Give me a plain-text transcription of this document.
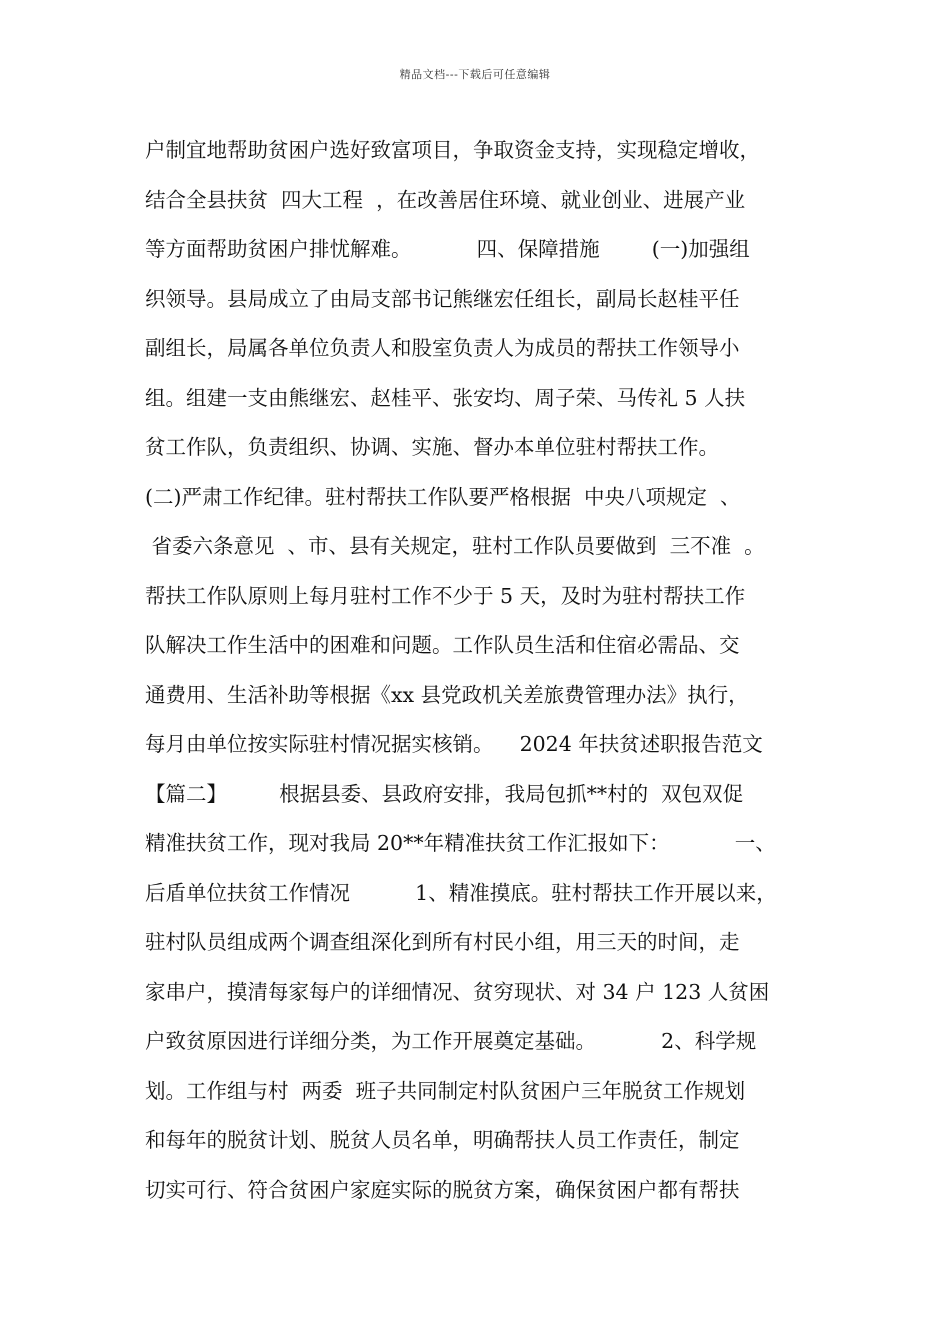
精品文档---下载后可任意编辑
户制宜地帮助贫困户选好致富项目，争取资金支持，实现稳定增收，
结合全县扶贫  四大工程  ，在改善居住环境、就业创业、进展产业
等方面帮助贫困户排忧解难。          四、保障措施        (一)加强组
织领导。县局成立了由局支部书记熊继宏任组长，副局长赵桂平任
副组长，局属各单位负责人和股室负责人为成员的帮扶工作领导小
组。组建一支由熊继宏、赵桂平、张安均、周子荣、马传礼 5 人扶
贫工作队，负责组织、协调、实施、督办本单位驻村帮扶工作。
(二)严肃工作纪律。驻村帮扶工作队要严格根据  中央八项规定  、
省委六条意见  、市、县有关规定，驻村工作队员要做到  三不准  。
帮扶工作队原则上每月驻村工作不少于 5 天，及时为驻村帮扶工作
队解决工作生活中的困难和问题。工作队员生活和住宿必需品、交
通费用、生活补助等根据《xx 县党政机关差旅费管理办法》执行，
每月由单位按实际驻村情况据实核销。    2024 年扶贫述职报告范文
【篇二】        根据县委、县政府安排，我局包抓**村的  双包双促
精准扶贫工作，现对我局 20**年精准扶贫工作汇报如下：          一、
后盾单位扶贫工作情况          1、精准摸底。驻村帮扶工作开展以来，
驻村队员组成两个调查组深化到所有村民小组，用三天的时间，走
家串户，摸清每家每户的详细情况、贫穷现状、对 34 户 123 人贫困
户致贫原因进行详细分类，为工作开展奠定基础。          2、科学规
划。工作组与村  两委  班子共同制定村队贫困户三年脱贫工作规划
和每年的脱贫计划、脱贫人员名单，明确帮扶人员工作责任，制定
切实可行、符合贫困户家庭实际的脱贫方案，确保贫困户都有帮扶
